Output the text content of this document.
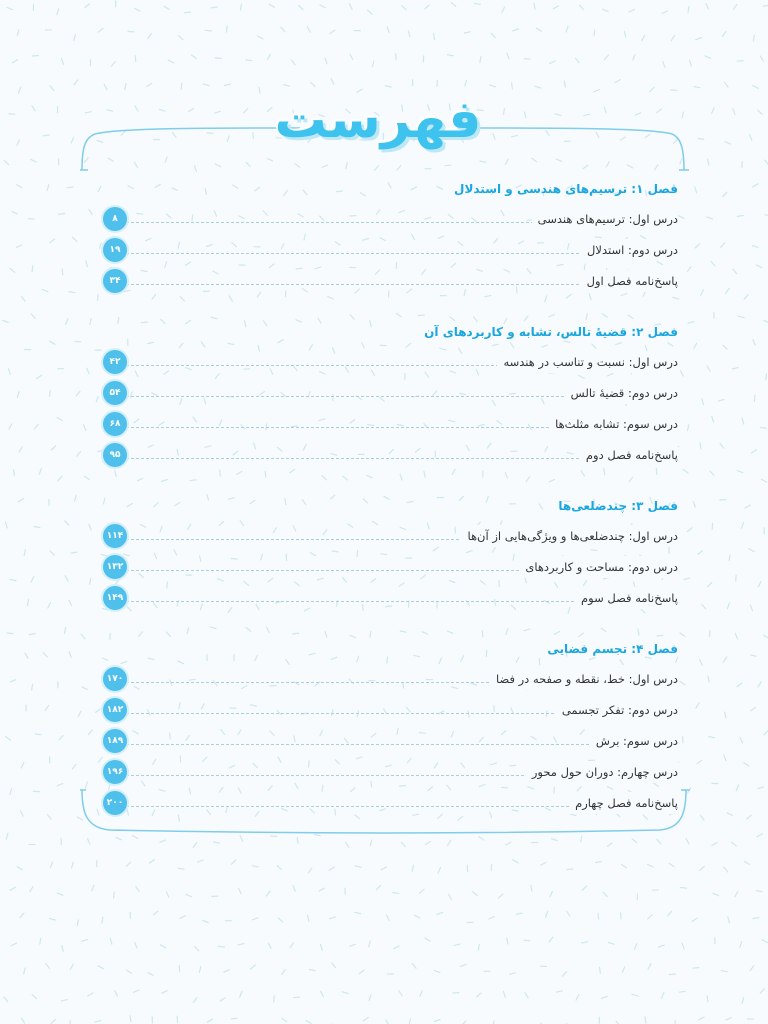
فهرست
فصل ۱: ترسیم‌های هندسی و استدلال
درس اول: ترسیم‌های هندسی
۸
درس دوم: استدلال
۱۹
پاسخ‌نامه فصل اول
۳۴
فصل ۲: قضیهٔ تالس، تشابه و کاربردهای آن
درس اول: نسبت و تناسب در هندسه
۴۲
درس دوم: قضیهٔ تالس
۵۴
درس سوم: تشابه مثلث‌ها
۶۸
پاسخ‌نامه فصل دوم
۹۵
فصل ۳: چندضلعی‌ها
درس اول: چندضلعی‌ها و ویژگی‌هایی از آن‌ها
۱۱۴
درس دوم: مساحت و کاربردهای
۱۳۲
پاسخ‌نامه فصل سوم
۱۴۹
فصل ۴: تجسم فضایی
درس اول: خط، نقطه و صفحه در فضا
۱۷۰
درس دوم: تفکر تجسمی
۱۸۲
درس سوم: برش
۱۸۹
درس چهارم: دوران حول محور
۱۹۶
پاسخ‌نامه فصل چهارم
۲۰۰
